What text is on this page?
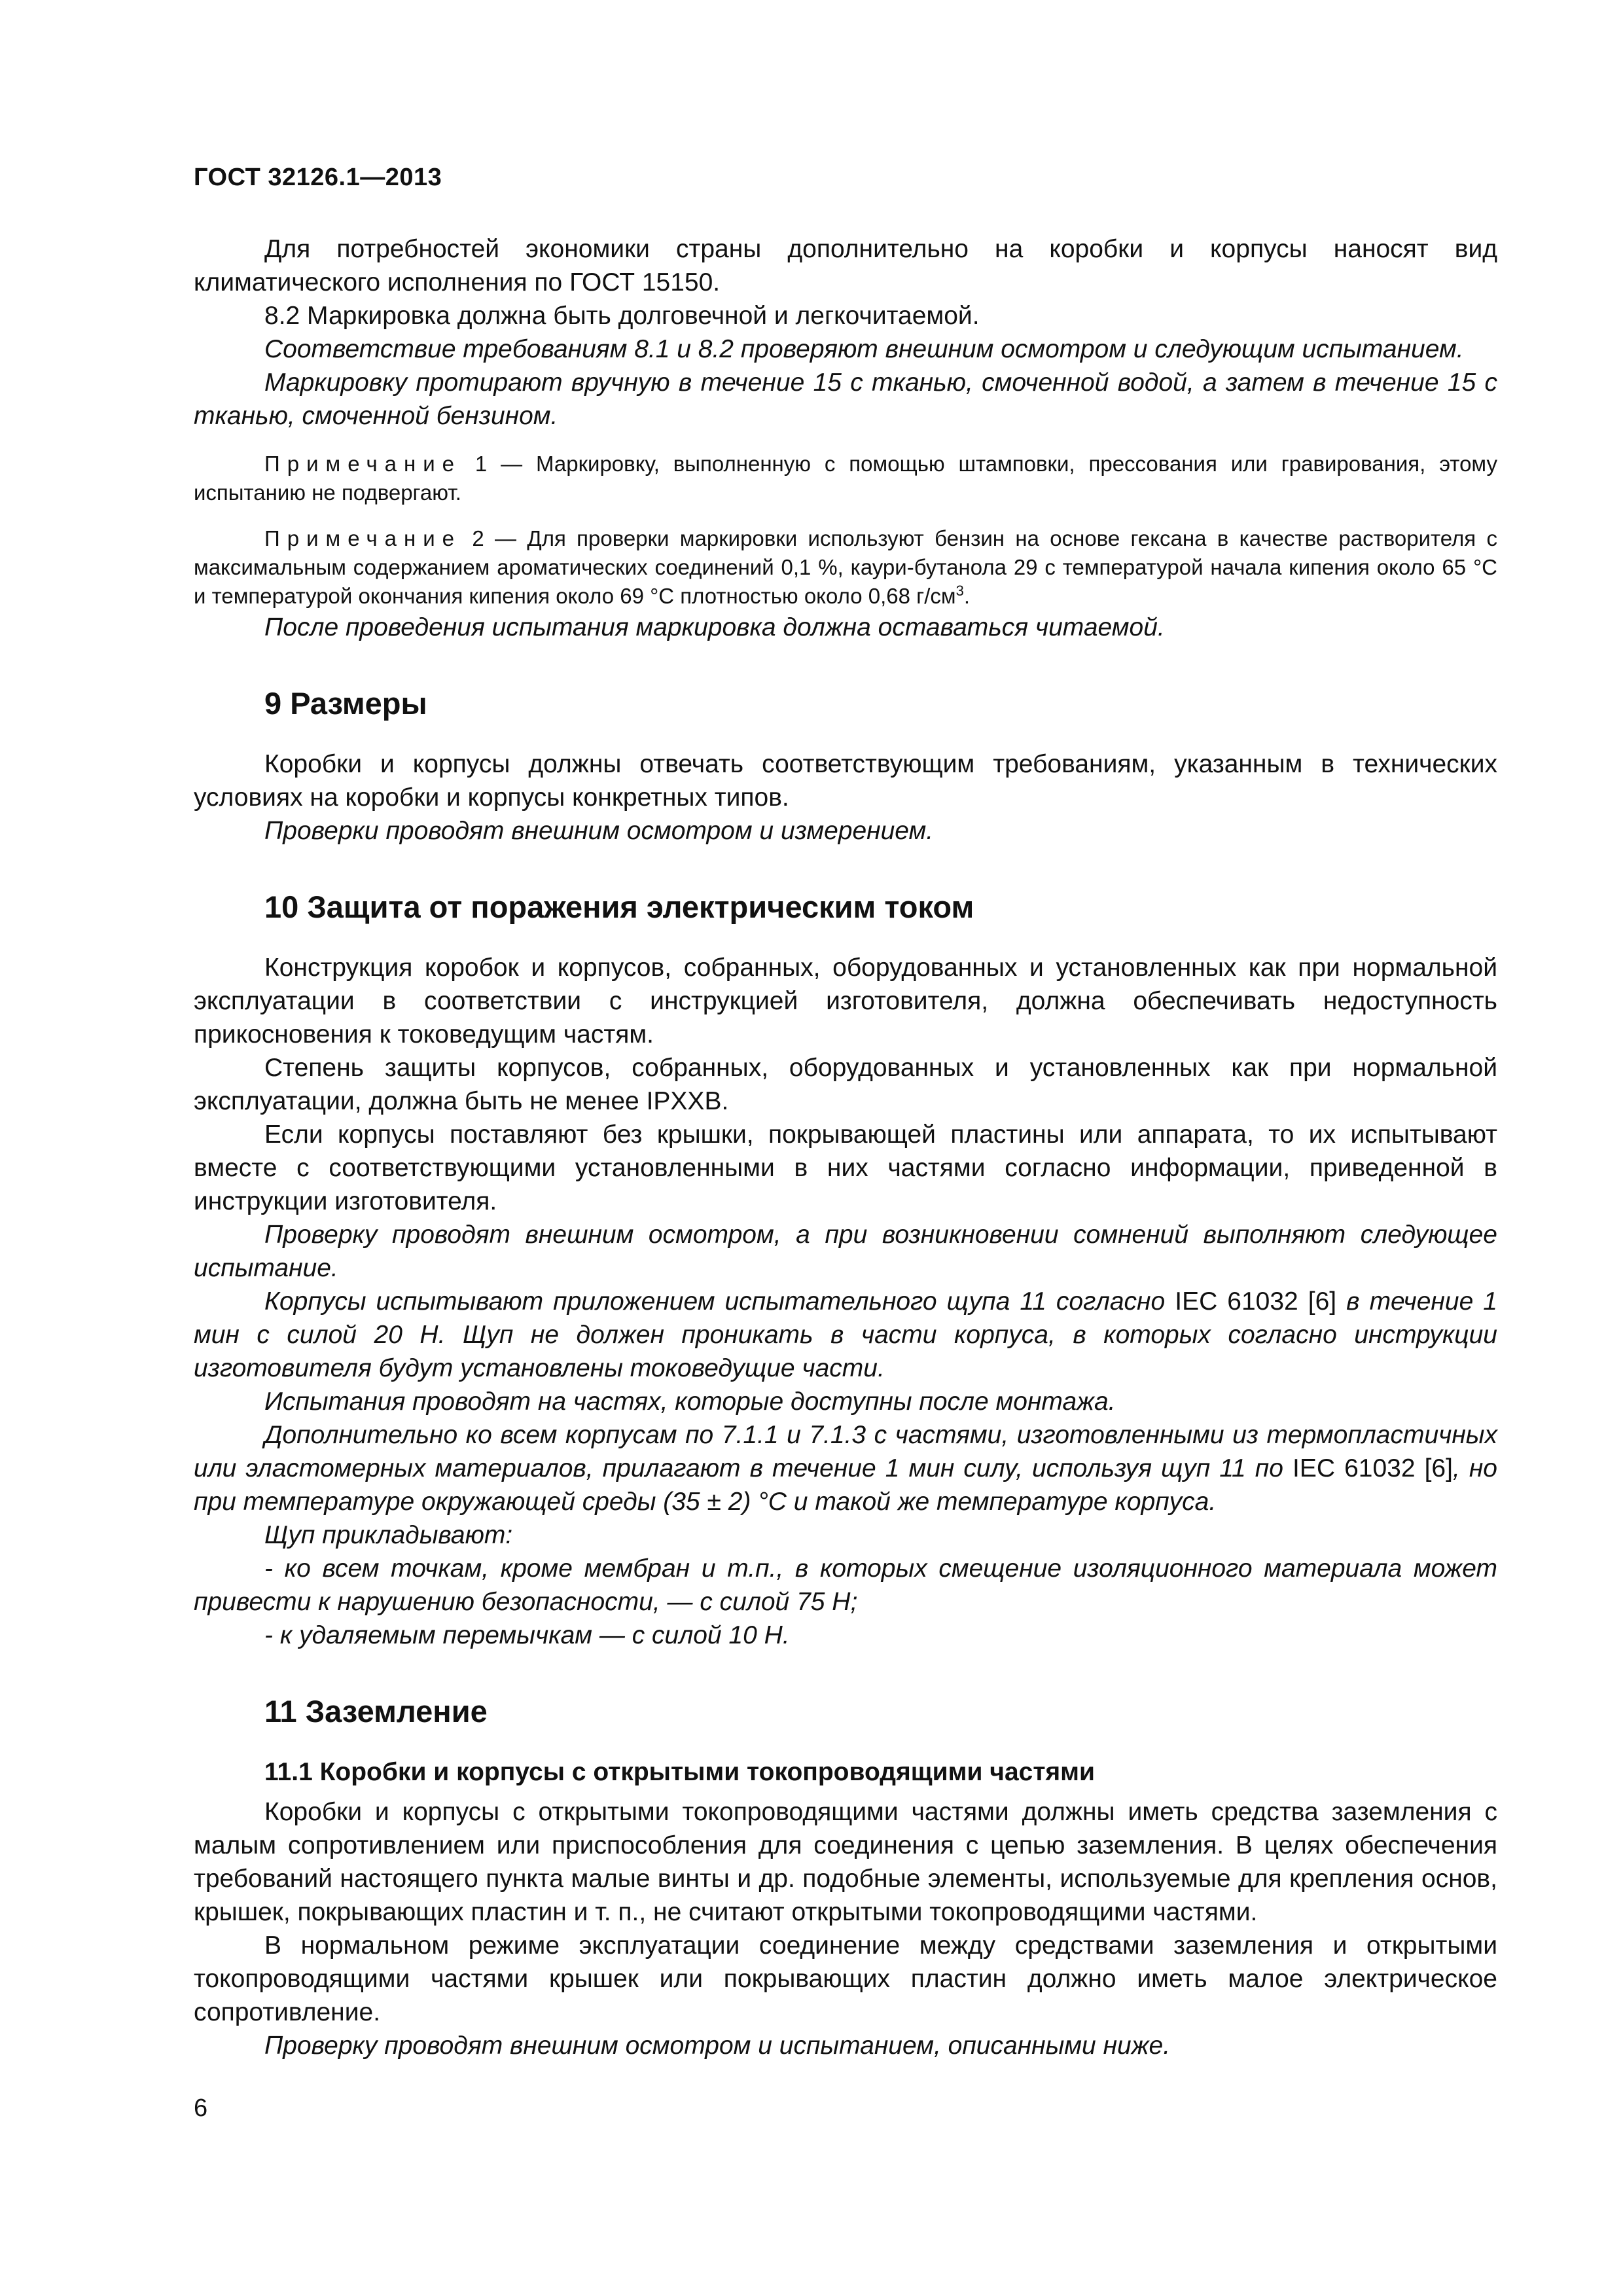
ГОСТ 32126.1—2013

Для потребностей экономики страны дополнительно на коробки и корпусы наносят вид климатического исполнения по ГОСТ 15150.

8.2 Маркировка должна быть долговечной и легкочитаемой.

Соответствие требованиям 8.1 и 8.2 проверяют внешним осмотром и следующим испытанием.

Маркировку протирают вручную в течение 15 с тканью, смоченной водой, а затем в течение 15 с тканью, смоченной бензином.

Примечание 1 — Маркировку, выполненную с помощью штамповки, прессования или гравирования, этому испытанию не подвергают.
Примечание 2 — Для проверки маркировки используют бензин на основе гексана в качестве растворителя с максимальным содержанием ароматических соединений 0,1 %, каури-бутанола 29 с температурой начала кипения около 65 °С и температурой окончания кипения около 69 °С плотностью около 0,68 $г/см^3$.

После проведения испытания маркировка должна оставаться читаемой.

9 Размеры

Коробки и корпусы должны отвечать соответствующим требованиям, указанным в технических условиях на коробки и корпусы конкретных типов.

Проверки проводят внешним осмотром и измерением.

10 Защита от поражения электрическим током

Конструкция коробок и корпусов, собранных, оборудованных и установленных как при нормальной эксплуатации в соответствии с инструкцией изготовителя, должна обеспечивать недоступность прикосновения к токоведущим частям.

Степень защиты корпусов, собранных, оборудованных и установленных как при нормальной эксплуатации, должна быть не менее IPXXB.

Если корпусы поставляют без крышки, покрывающей пластины или аппарата, то их испытывают вместе с соответствующими установленными в них частями согласно информации, приведенной в инструкции изготовителя.

Проверку проводят внешним осмотром, а при возникновении сомнений выполняют следующее испытание.

Корпусы испытывают приложением испытательного щупа 11 согласно IEC 61032 [6] в течение 1 мин с силой 20 Н. Щуп не должен проникать в части корпуса, в которых согласно инструкции изготовителя будут установлены токоведущие части.

Испытания проводят на частях, которые доступны после монтажа.

Дополнительно ко всем корпусам по 7.1.1 и 7.1.3 с частями, изготовленными из термопластичных или эластомерных материалов, прилагают в течение 1 мин силу, используя щуп 11 по IEC 61032 [6], но при температуре окружающей среды (35 ± 2) °С и такой же температуре корпуса.

Щуп прикладывают:

- ко всем точкам, кроме мембран и т.п., в которых смещение изоляционного материала может привести к нарушению безопасности, — с силой 75 Н;

- к удаляемым перемычкам — с силой 10 Н.

11 Заземление
11.1 Коробки и корпусы с открытыми токопроводящими частями

Коробки и корпусы с открытыми токопроводящими частями должны иметь средства заземления с малым сопротивлением или приспособления для соединения с цепью заземления. В целях обеспечения требований настоящего пункта малые винты и др. подобные элементы, используемые для крепления основ, крышек, покрывающих пластин и т. п., не считают открытыми токопроводящими частями.

В нормальном режиме эксплуатации соединение между средствами заземления и открытыми токопроводящими частями крышек или покрывающих пластин должно иметь малое электрическое сопротивление.

Проверку проводят внешним осмотром и испытанием, описанными ниже.

6
